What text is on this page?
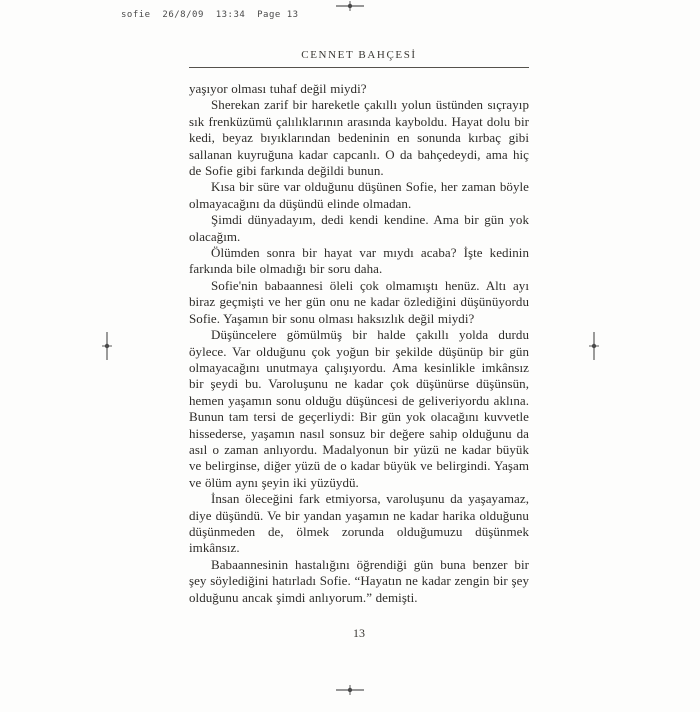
sofie  26/8/09  13:34  Page 13
CENNET BAHÇESİ

yaşıyor olması tuhaf değil miydi?

Sherekan zarif bir hareketle çakıllı yolun üstünden sıçrayıp sık frenküzümü çalılıklarının arasında kayboldu. Hayat dolu bir kedi, beyaz bıyıklarından bedeninin en sonunda kırbaç gibi sallanan kuyruğuna kadar capcanlı. O da bahçedeydi, ama hiç de Sofie gibi farkında değildi bunun.

Kısa bir süre var olduğunu düşünen Sofie, her zaman böyle olmayacağını da düşündü elinde olmadan.

Şimdi dünyadayım, dedi kendi kendine. Ama bir gün yok olacağım.

Ölümden sonra bir hayat var mıydı acaba? İşte kedinin farkında bile olmadığı bir soru daha.

Sofie'nin babaannesi öleli çok olmamıştı henüz. Altı ayı biraz geçmişti ve her gün onu ne kadar özlediğini düşünüyordu Sofie. Yaşamın bir sonu olması haksızlık değil miydi?

Düşüncelere gömülmüş bir halde çakıllı yolda durdu öylece. Var olduğunu çok yoğun bir şekilde düşünüp bir gün olmayacağını unutmaya çalışıyordu. Ama kesinlikle imkânsız bir şeydi bu. Varoluşunu ne kadar çok düşünürse düşünsün, hemen yaşamın sonu olduğu düşüncesi de geliveriyordu aklına. Bunun tam tersi de geçerliydi: Bir gün yok olacağını kuvvetle hissederse, yaşamın nasıl sonsuz bir değere sahip olduğunu da asıl o zaman anlıyordu. Madalyonun bir yüzü ne kadar büyük ve belirginse, diğer yüzü de o kadar büyük ve belirgindi. Yaşam ve ölüm aynı şeyin iki yüzüydü.

İnsan öleceğini fark etmiyorsa, varoluşunu da yaşayamaz, diye düşündü. Ve bir yandan yaşamın ne kadar harika olduğunu düşünmeden de, ölmek zorunda olduğumuzu düşünmek imkânsız.

Babaannesinin hastalığını öğrendiği gün buna benzer bir şey söylediğini hatırladı Sofie. “Hayatın ne kadar zengin bir şey olduğunu ancak şimdi anlıyorum.” demişti.

13
